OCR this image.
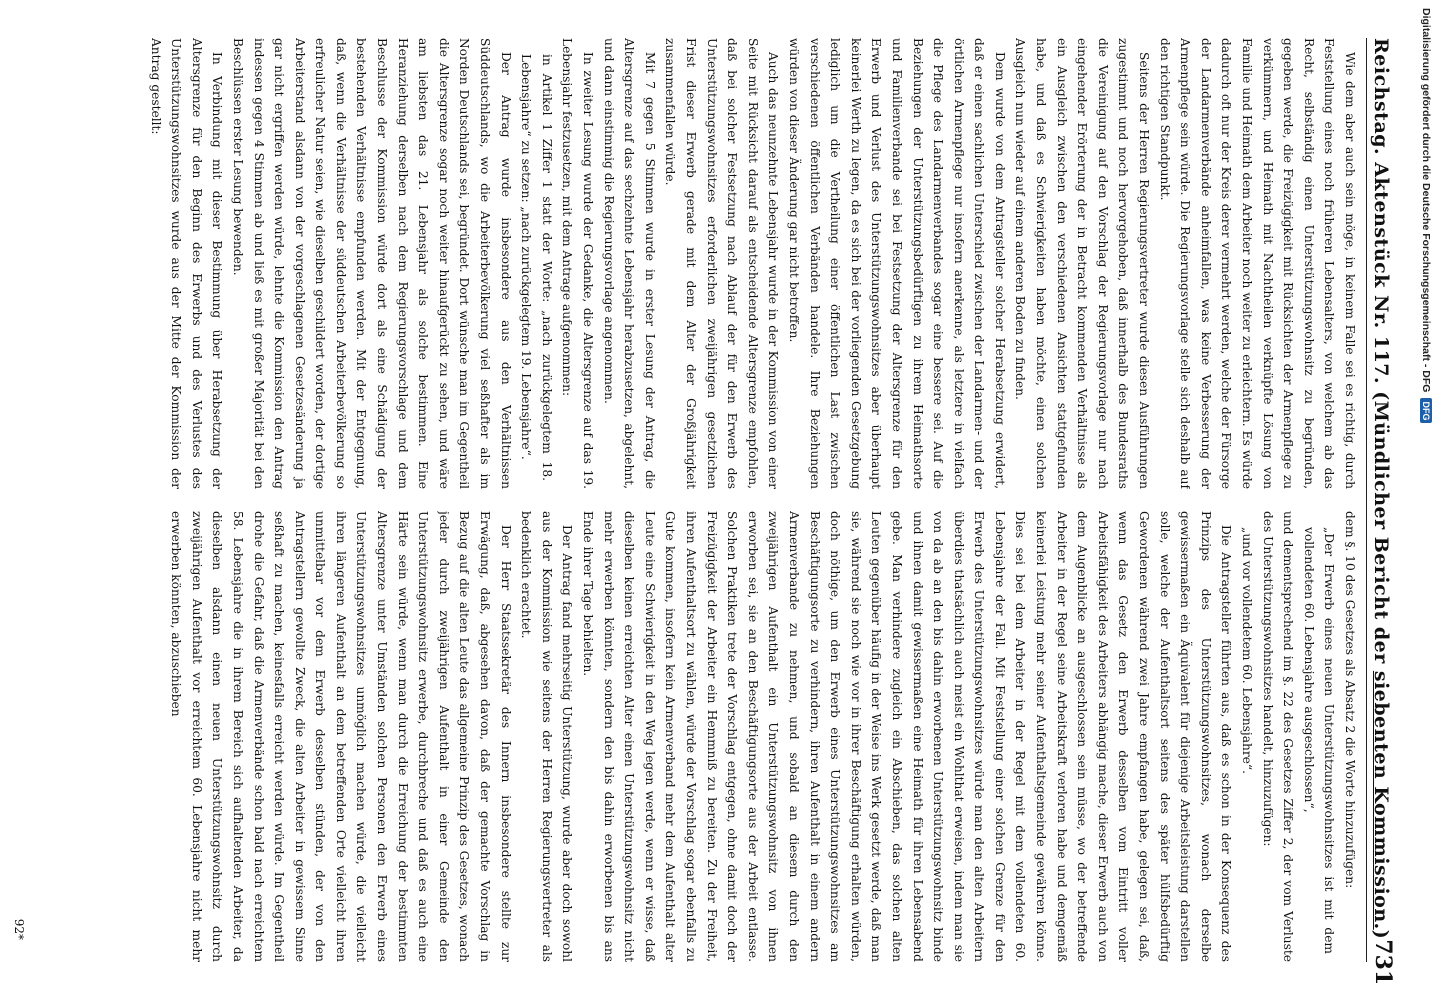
Reichstag. Aktenstück Nr. 117. (Mündlicher Bericht der siebenten Kommission.)
731

Wie dem aber auch sein möge, in keinem Falle sei es richtig, durch Feststellung eines noch früheren Lebensalters, von welchem ab das Recht, selbständig einen Unterstützungswohnsitz zu begründen, gegeben werde, die Freizügigkeit mit Rücksichten der Armenpflege zu verkümmern, und Heimath mit Nachtheilen verknüpfte Lösung von Familie und Heimath dem Arbeiter noch weiter zu erleichtern. Es würde dadurch oft nur der Kreis derer vermehrt werden, welche der Fürsorge der Landarmenverbände anheimfallen, was keine Verbesserung der Armenpflege sein würde. Die Regierungsvorlage stelle sich deshalb auf den richtigen Standpunkt.

Seitens der Herren Regierungsvertreter wurde diesen Ausführungen zugestimmt und noch hervorgehoben, daß innerhalb des Bundesraths die Vereinigung auf den Vorschlag der Regierungsvorlage nur nach eingehender Erörterung der in Betracht kommenden Verhältnisse als ein Ausgleich zwischen den verschiedenen Ansichten stattgefunden habe, und daß es Schwierigkeiten haben möchte, einen solchen Ausgleich nun wieder auf einem anderen Boden zu finden.

Dem wurde von dem Antragsteller solcher Herabsetzung erwidert, daß er einen sachlichen Unterschied zwischen der Landarmen- und der örtlichen Armenpflege nur insofern anerkenne, als letztere in vielfach die Pflege des Landarmenverbandes sogar eine bessere sei. Auf die Beziehungen der Unterstützungsbedürftigen zu ihrem Heimathsorte und Familienverbande sei bei Festsetzung der Altersgrenze für den Erwerb und Verlust des Unterstützungswohnsitzes aber überhaupt keinerlei Werth zu legen, da es sich bei der vorliegenden Gesetzgebung lediglich um die Vertheilung einer öffentlichen Last zwischen verschiedenen öffentlichen Verbänden handele. Ihre Beziehungen würden von dieser Änderung gar nicht betroffen.

Auch das neunzehnte Lebensjahr wurde in der Kommission von einer Seite mit Rücksicht darauf als entscheidende Altersgrenze empfohlen, daß bei solcher Festsetzung nach Ablauf der für den Erwerb des Unterstützungswohnsitzes erforderlichen zweijährigen gesetzlichen Frist dieser Erwerb gerade mit dem Alter der Großjährigkeit zusammenfallen würde.

Mit 7 gegen 5 Stimmen wurde in erster Lesung der Antrag, die Altersgrenze auf das sechzehnte Lebensjahr herabzusetzen, abgelehnt, und dann einstimmig die Regierungsvorlage angenommen.

In zweiter Lesung wurde der Gedanke, die Altersgrenze auf das 19. Lebensjahr festzusetzen, mit dem Antrage aufgenommen:

in Artikel 1 Ziffer 1 statt der Worte: „nach zurückgelegtem 18. Lebensjahre“ zu setzen: „nach zurückgelegtem 19. Lebensjahre“.

Der Antrag wurde insbesondere aus den Verhältnissen Süddeutschlands, wo die Arbeiterbevölkerung viel seßhafter als im Norden Deutschlands sei, begründet. Dort wünsche man im Gegentheil die Altersgrenze sogar noch weiter hinaufgerückt zu sehen, und wäre am liebsten das 21. Lebensjahr als solche bestimmen. Eine Heranziehung derselben nach dem Regierungsvorschlage und dem Beschlusse der Kommission würde dort als eine Schädigung der bestehenden Verhältnisse empfunden werden. Mit der Entgegnung, daß, wenn die Verhältnisse der süddeutschen Arbeiterbevölkerung so erfreulicher Natur seien, wie dieselben geschildert worden, der dortige Arbeiterstand alsdann von der vorgeschlagenen Gesetzesänderung ja gar nicht ergriffen werden würde, lehnte die Kommission den Antrag indessen gegen 4 Stimmen ab und ließ es mit großer Majorität bei den Beschlüssen erster Lesung bewenden.

In Verbindung mit dieser Bestimmung über Herabsetzung der Altersgrenze für den Beginn des Erwerbs und des Verlustes des Unterstützungswohnsitzes wurde aus der Mitte der Kommission der Antrag gestellt:

dem §. 10 des Gesetzes als Absatz 2 die Worte hinzuzufügen:

„Der Erwerb eines neuen Unterstützungswohnsitzes ist mit dem vollendeten 60. Lebensjahre ausgeschlossen“,

und dementsprechend im §. 22 des Gesetzes Ziffer 2, der vom Verluste des Unterstützungswohnsitzes handelt, hinzuzufügen:

„und vor vollendetem 60. Lebensjahre“.

Die Antragsteller führten aus, daß es schon in der Konsequenz des Prinzips des Unterstützungswohnsitzes, wonach derselbe gewissermaßen ein Äquivalent für diejenige Arbeitsleistung darstellen solle, welche der Aufenthaltsort seitens des später hülfsbedürftig Gewordenen während zwei Jahre empfangen habe, gelegen sei, daß, wenn das Gesetz den Erwerb desselben vom Eintritt voller Arbeitsfähigkeit des Arbeiters abhängig mache, dieser Erwerb auch von dem Augenblicke an ausgeschlossen sein müsse, wo der betreffende Arbeiter in der Regel seine Arbeitskraft verloren habe und demgemäß keinerlei Leistung mehr seiner Aufenthaltsgemeinde gewähren könne. Dies sei bei dem Arbeiter in der Regel mit dem vollendeten 60. Lebensjahre der Fall. Mit Feststellung einer solchen Grenze für den Erwerb des Unterstützungswohnsitzes würde man den alten Arbeitern überdies thatsächlich auch meist ein Wohlthat erweisen, indem man sie von da ab an den bis dahin erworbenen Unterstützungswohnsitz binde und ihnen damit gewissermaßen eine Heimath für ihren Lebensabend gebe. Man verhindere zugleich ein Abschieben, das solchen alten Leuten gegenüber häufig in der Weise ins Werk gesetzt werde, daß man sie, während sie noch wie vor in ihrer Beschäftigung erhalten würden, doch nöthige, um den Erwerb eines Unterstützungswohnsitzes am Beschäftigungsorte zu verhindern, ihren Aufenthalt in einem andern Armenverbande zu nehmen, und sobald an diesem durch den zweijährigen Aufenthalt ein Unterstützungswohnsitz von ihnen erworben sei, sie an den Beschäftigungsorte aus der Arbeit entlasse. Solchen Praktiken trete der Vorschlag entgegen, ohne damit doch der Freizügigkeit der Arbeiter ein Hemmniß zu bereiten. Zu der Freiheit, ihren Aufenthaltsort zu wählen, würde der Vorschlag sogar ebenfalls zu Gute kommen, insofern kein Armenverband mehr dem Aufenthalt alter Leute eine Schwierigkeit in den Weg legen werde, wenn er wisse, daß dieselben keinen erreichten Alter einen Unterstützungswohnsitz nicht mehr erwerben könnten, sondern den bis dahin erworbenen bis ans Ende ihrer Tage behielten.

Der Antrag fand mehrseitig Unterstützung, wurde aber doch sowohl aus der Kommission wie seitens der Herren Regierungsvertreter als bedenklich erachtet.

Der Herr Staatssekretär des Innern insbesondere stellte zur Erwägung, daß, abgesehen davon, daß der gemachte Vorschlag in Bezug auf die alten Leute das allgemeine Prinzip des Gesetzes, wonach jeder durch zweijährigen Aufenthalt in einer Gemeinde den Unterstützungswohnsitz erwerbe, durchbreche und daß es auch eine Härte sein würde, wenn man durch die Erreichung der bestimmten Altersgrenze unter Umständen solchen Personen den Erwerb eines Unterstützungswohnsitzes unmöglich machen würde, die vielleicht ihren längeren Aufenthalt an dem betreffenden Orte vielleicht ihren unmittelbar vor dem Erwerb desselben stünden, der von den Antragstellern gewollte Zweck, die alten Arbeiter in gewissem Sinne seßhaft zu machen, keinesfalls erreicht werden würde. Im Gegentheil drohe die Gefahr, daß die Armenverbände schon bald nach erreichtem 58. Lebensjahre die in ihrem Bereich sich aufhaltenden Arbeiter, da dieselben alsdann einen neuen Unterstützungswohnsitz durch zweijährigen Aufenthalt vor erreichtem 60. Lebensjahre nicht mehr erwerben könnten, abzuschieben

92*
Digitalisierung gefördert durch die Deutsche Forschungsgemeinschaft - DFG
DFG
